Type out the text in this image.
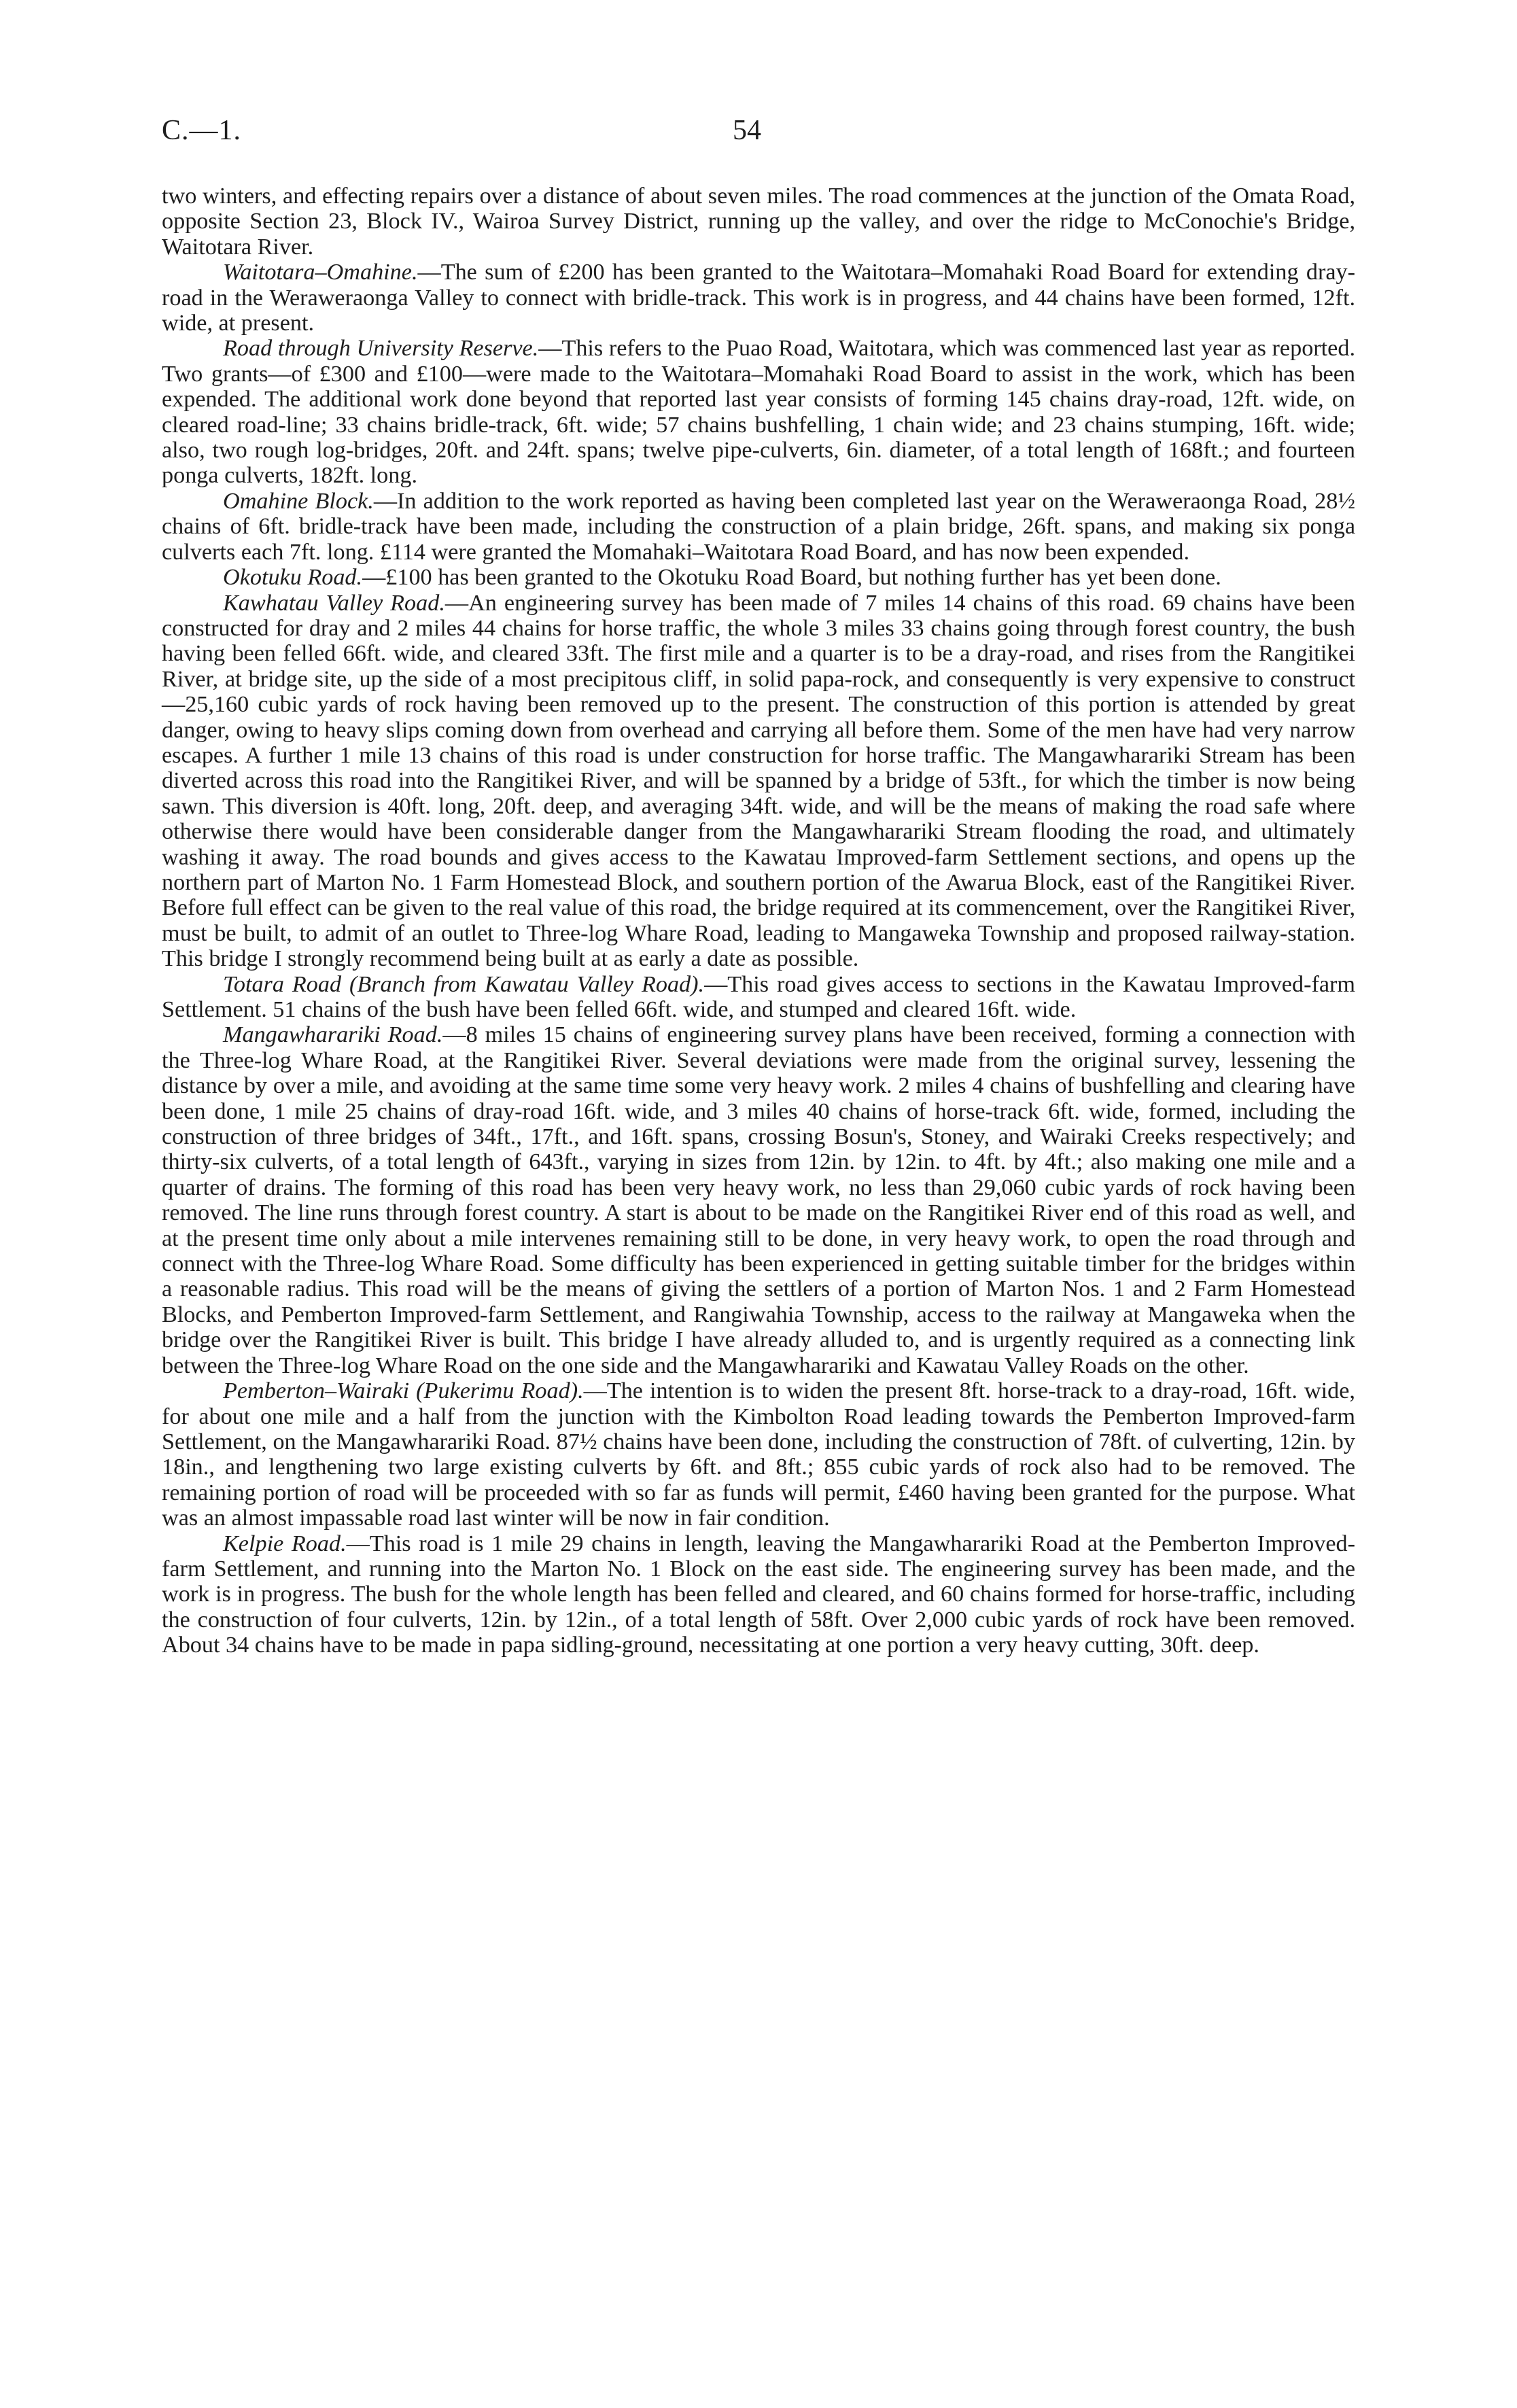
C.—1.	54

two winters, and effecting repairs over a distance of about seven miles. The road commences at the junction of the Omata Road, opposite Section 23, Block IV., Wairoa Survey District, running up the valley, and over the ridge to McConochie's Bridge, Waitotara River.

Waitotara–Omahine.—The sum of £200 has been granted to the Waitotara–Momahaki Road Board for extending dray-road in the Weraweraonga Valley to connect with bridle-track. This work is in progress, and 44 chains have been formed, 12ft. wide, at present.

Road through University Reserve.—This refers to the Puao Road, Waitotara, which was commenced last year as reported. Two grants—of £300 and £100—were made to the Waitotara–Momahaki Road Board to assist in the work, which has been expended. The additional work done beyond that reported last year consists of forming 145 chains dray-road, 12ft. wide, on cleared road-line; 33 chains bridle-track, 6ft. wide; 57 chains bushfelling, 1 chain wide; and 23 chains stumping, 16ft. wide; also, two rough log-bridges, 20ft. and 24ft. spans; twelve pipe-culverts, 6in. diameter, of a total length of 168ft.; and fourteen ponga culverts, 182ft. long.

Omahine Block.—In addition to the work reported as having been completed last year on the Weraweraonga Road, 28½ chains of 6ft. bridle-track have been made, including the construction of a plain bridge, 26ft. spans, and making six ponga culverts each 7ft. long. £114 were granted the Momahaki–Waitotara Road Board, and has now been expended.

Okotuku Road.—£100 has been granted to the Okotuku Road Board, but nothing further has yet been done.

Kawhatau Valley Road.—An engineering survey has been made of 7 miles 14 chains of this road. 69 chains have been constructed for dray and 2 miles 44 chains for horse traffic, the whole 3 miles 33 chains going through forest country, the bush having been felled 66ft. wide, and cleared 33ft. The first mile and a quarter is to be a dray-road, and rises from the Rangitikei River, at bridge site, up the side of a most precipitous cliff, in solid papa-rock, and consequently is very expensive to construct—25,160 cubic yards of rock having been removed up to the present. The construction of this portion is attended by great danger, owing to heavy slips coming down from overhead and carrying all before them. Some of the men have had very narrow escapes. A further 1 mile 13 chains of this road is under construction for horse traffic. The Mangawharariki Stream has been diverted across this road into the Rangitikei River, and will be spanned by a bridge of 53ft., for which the timber is now being sawn. This diversion is 40ft. long, 20ft. deep, and averaging 34ft. wide, and will be the means of making the road safe where otherwise there would have been considerable danger from the Mangawharariki Stream flooding the road, and ultimately washing it away. The road bounds and gives access to the Kawatau Improved-farm Settlement sections, and opens up the northern part of Marton No. 1 Farm Homestead Block, and southern portion of the Awarua Block, east of the Rangitikei River. Before full effect can be given to the real value of this road, the bridge required at its commencement, over the Rangitikei River, must be built, to admit of an outlet to Three-log Whare Road, leading to Mangaweka Township and proposed railway-station. This bridge I strongly recommend being built at as early a date as possible.

Totara Road (Branch from Kawatau Valley Road).—This road gives access to sections in the Kawatau Improved-farm Settlement. 51 chains of the bush have been felled 66ft. wide, and stumped and cleared 16ft. wide.

Mangawharariki Road.—8 miles 15 chains of engineering survey plans have been received, forming a connection with the Three-log Whare Road, at the Rangitikei River. Several deviations were made from the original survey, lessening the distance by over a mile, and avoiding at the same time some very heavy work. 2 miles 4 chains of bushfelling and clearing have been done, 1 mile 25 chains of dray-road 16ft. wide, and 3 miles 40 chains of horse-track 6ft. wide, formed, including the construction of three bridges of 34ft., 17ft., and 16ft. spans, crossing Bosun's, Stoney, and Wairaki Creeks respectively; and thirty-six culverts, of a total length of 643ft., varying in sizes from 12in. by 12in. to 4ft. by 4ft.; also making one mile and a quarter of drains. The forming of this road has been very heavy work, no less than 29,060 cubic yards of rock having been removed. The line runs through forest country. A start is about to be made on the Rangitikei River end of this road as well, and at the present time only about a mile intervenes remaining still to be done, in very heavy work, to open the road through and connect with the Three-log Whare Road. Some difficulty has been experienced in getting suitable timber for the bridges within a reasonable radius. This road will be the means of giving the settlers of a portion of Marton Nos. 1 and 2 Farm Homestead Blocks, and Pemberton Improved-farm Settlement, and Rangiwahia Township, access to the railway at Mangaweka when the bridge over the Rangitikei River is built. This bridge I have already alluded to, and is urgently required as a connecting link between the Three-log Whare Road on the one side and the Mangawharariki and Kawatau Valley Roads on the other.

Pemberton–Wairaki (Pukerimu Road).—The intention is to widen the present 8ft. horse-track to a dray-road, 16ft. wide, for about one mile and a half from the junction with the Kimbolton Road leading towards the Pemberton Improved-farm Settlement, on the Mangawharariki Road. 87½ chains have been done, including the construction of 78ft. of culverting, 12in. by 18in., and lengthening two large existing culverts by 6ft. and 8ft.; 855 cubic yards of rock also had to be removed. The remaining portion of road will be proceeded with so far as funds will permit, £460 having been granted for the purpose. What was an almost impassable road last winter will be now in fair condition.

Kelpie Road.—This road is 1 mile 29 chains in length, leaving the Mangawharariki Road at the Pemberton Improved-farm Settlement, and running into the Marton No. 1 Block on the east side. The engineering survey has been made, and the work is in progress. The bush for the whole length has been felled and cleared, and 60 chains formed for horse-traffic, including the construction of four culverts, 12in. by 12in., of a total length of 58ft. Over 2,000 cubic yards of rock have been removed. About 34 chains have to be made in papa sidling-ground, necessitating at one portion a very heavy cutting, 30ft. deep.
